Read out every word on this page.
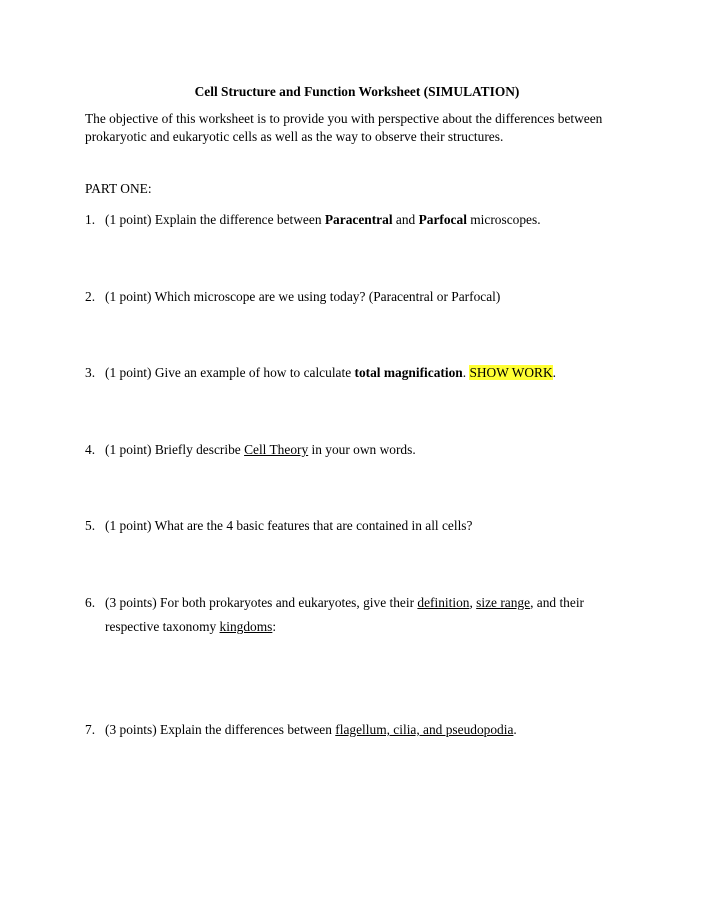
Cell Structure and Function Worksheet (SIMULATION)
The objective of this worksheet is to provide you with perspective about the differences between
prokaryotic and eukaryotic cells as well as the way to observe their structures.
PART ONE:
1. (1 point) Explain the difference between Paracentral and Parfocal microscopes.
2. (1 point) Which microscope are we using today? (Paracentral or Parfocal)
3. (1 point) Give an example of how to calculate total magnification. SHOW WORK.
4. (1 point) Briefly describe Cell Theory in your own words.
5. (1 point) What are the 4 basic features that are contained in all cells?
6. (3 points) For both prokaryotes and eukaryotes, give their definition, size range, and their
respective taxonomy kingdoms:
7. (3 points) Explain the differences between flagellum, cilia, and pseudopodia.
